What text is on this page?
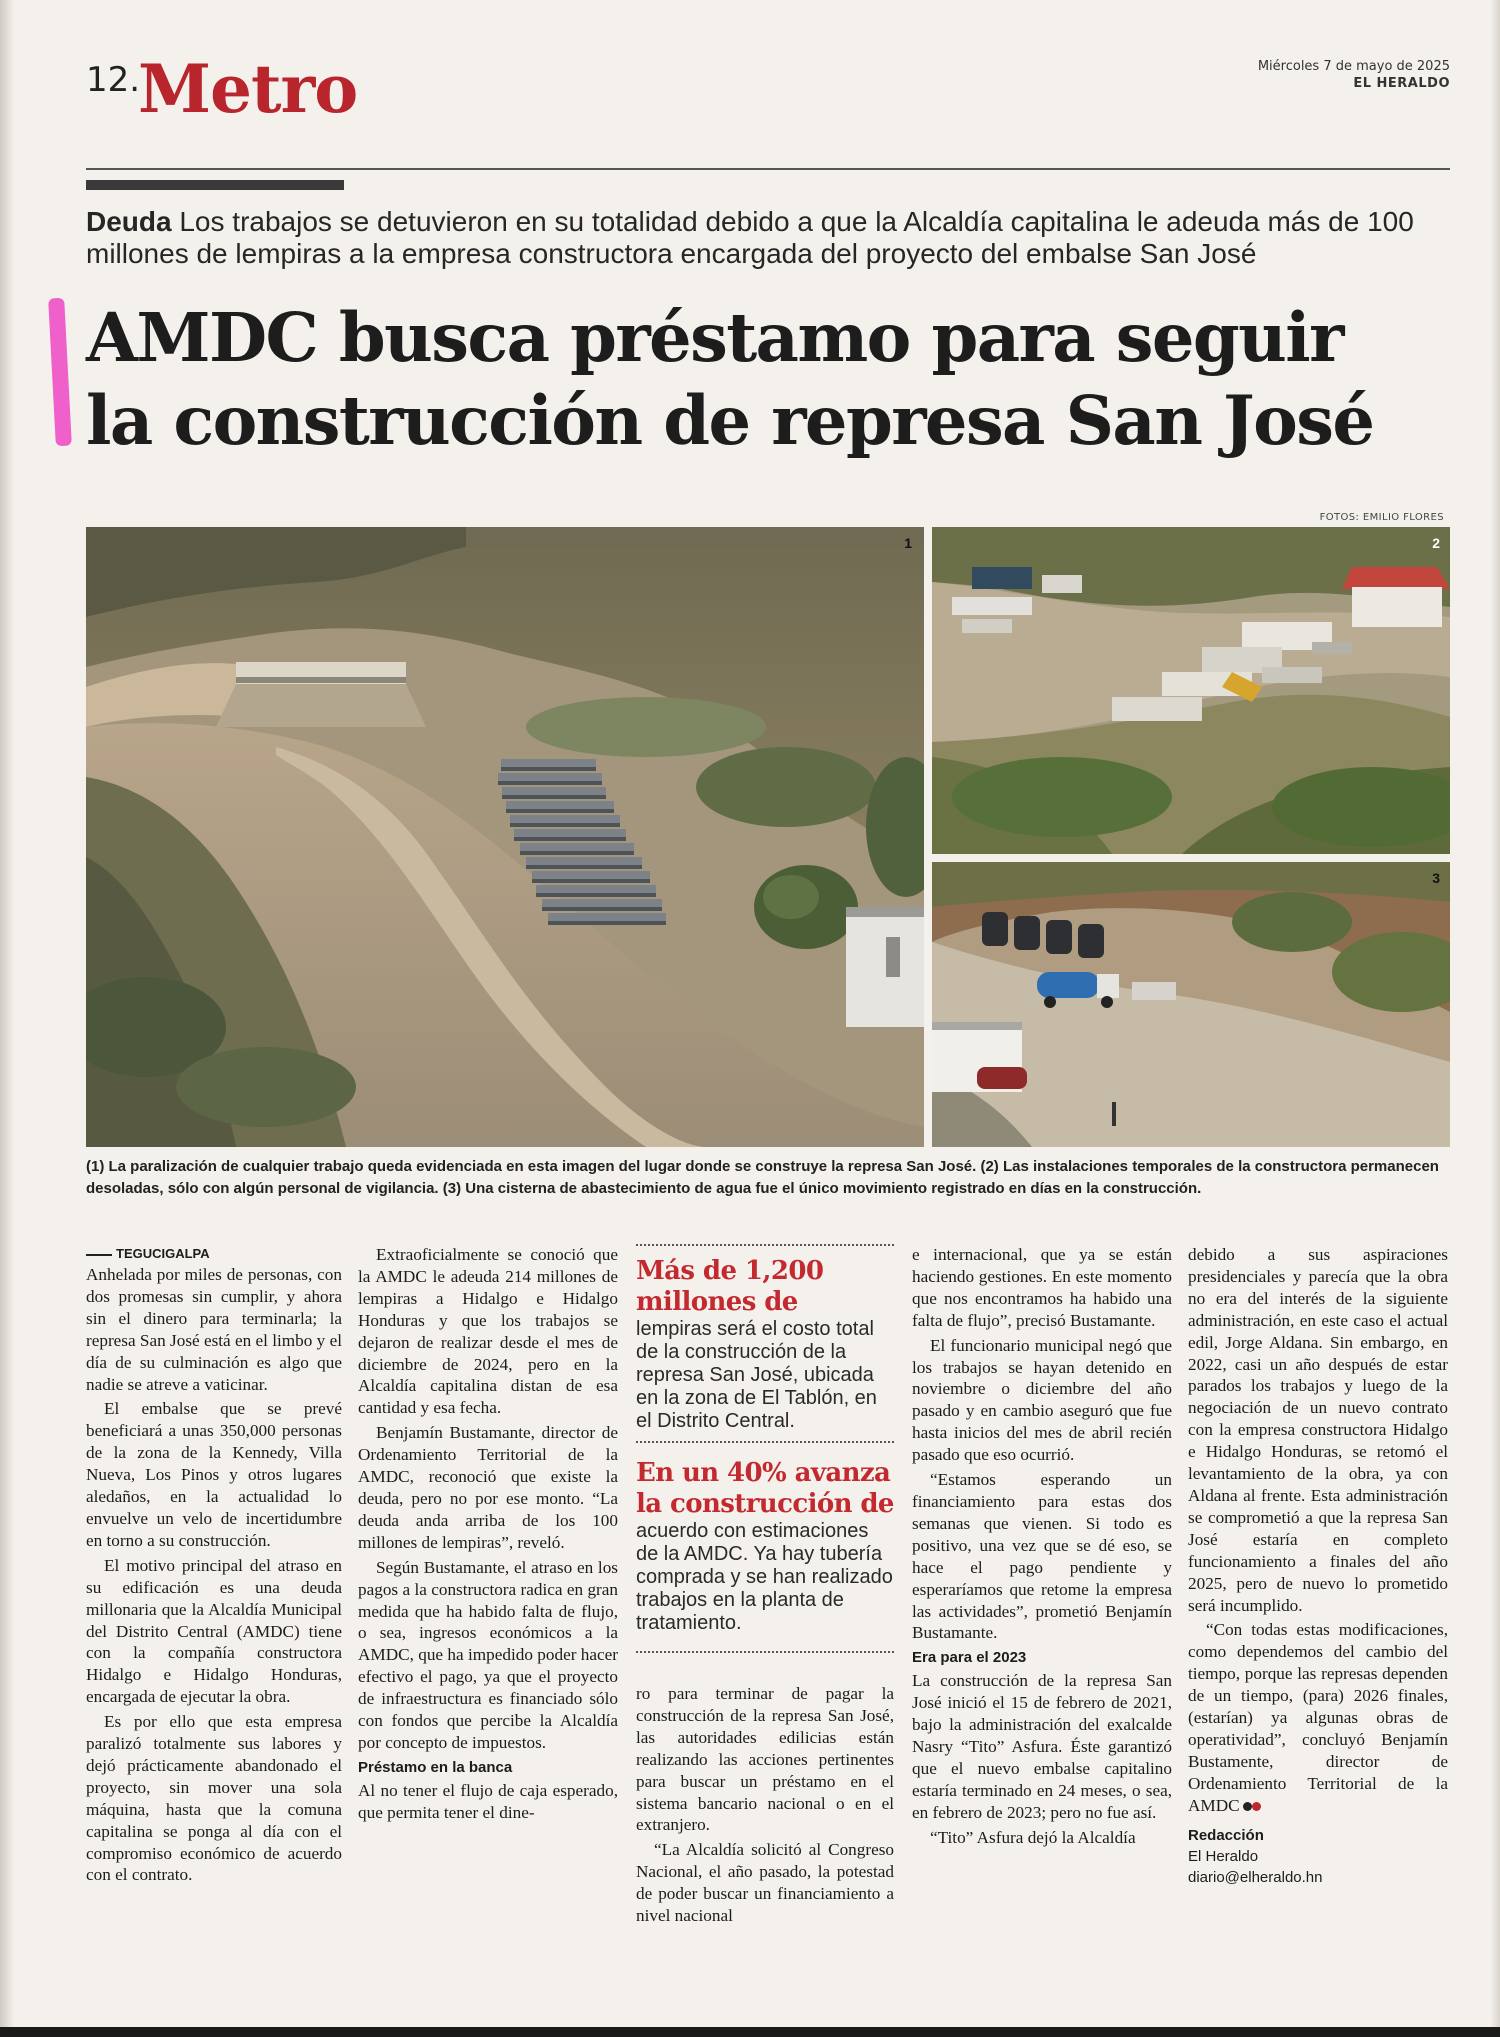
12.
Metro	Miércoles 7 de mayo de 2025
EL HERALDO
Deuda Los trabajos se detuvieron en su totalidad debido a que la Alcaldía capitalina le adeuda más de 100 millones de lempiras a la empresa constructora encargada del proyecto del embalse San José
AMDC busca préstamo para seguir
la construcción de represa San José
FOTOS: EMILIO FLORES
1	2
3
(1) La paralización de cualquier trabajo queda evidenciada en esta imagen del lugar donde se construye la represa San José. (2) Las instalaciones temporales de la constructora permanecen desoladas, sólo con algún personal de vigilancia. (3) Una cisterna de abastecimiento de agua fue el único movimiento registrado en días en la construcción.
TEGUCIGALPA

Anhelada por miles de personas, con dos promesas sin cumplir, y ahora sin el dinero para terminarla; la represa San José está en el limbo y el día de su culminación es algo que nadie se atreve a vaticinar.

El embalse que se prevé beneficiará a unas 350,000 personas de la zona de la Kennedy, Villa Nueva, Los Pinos y otros lugares aledaños, en la actualidad lo envuelve un velo de incertidumbre en torno a su construcción.

El motivo principal del atraso en su edificación es una deuda millonaria que la Alcaldía Municipal del Distrito Central (AMDC) tiene con la compañía constructora Hidalgo e Hidalgo Honduras, encargada de ejecutar la obra.

Es por ello que esta empresa paralizó totalmente sus labores y dejó prácticamente abandonado el proyecto, sin mover una sola máquina, hasta que la comuna capitalina se ponga al día con el compromiso económico de acuerdo con el contrato.

Extraoficialmente se conoció que la AMDC le adeuda 214 millones de lempiras a Hidalgo e Hidalgo Honduras y que los trabajos se dejaron de realizar desde el mes de diciembre de 2024, pero en la Alcaldía capitalina distan de esa cantidad y esa fecha.

Benjamín Bustamante, director de Ordenamiento Territorial de la AMDC, reconoció que existe la deuda, pero no por ese monto. “La deuda anda arriba de los 100 millones de lempiras”, reveló.

Según Bustamante, el atraso en los pagos a la constructora radica en gran medida que ha habido falta de flujo, o sea, ingresos económicos a la AMDC, que ha impedido poder hacer efectivo el pago, ya que el proyecto de infraestructura es financiado sólo con fondos que percibe la Alcaldía por concepto de impuestos.

Préstamo en la banca

Al no tener el flujo de caja esperado, que permita tener el dine-

Más de 1,200 millones de
lempiras será el costo total de la construcción de la represa San José, ubicada en la zona de El Tablón, en el Distrito Central.
En un 40% avanza la construcción de
acuerdo con estimaciones de la AMDC. Ya hay tubería comprada y se han realizado trabajos en la planta de tratamiento.

ro para terminar de pagar la construcción de la represa San José, las autoridades edilicias están realizando las acciones pertinentes para buscar un préstamo en el sistema bancario nacional o en el extranjero.

“La Alcaldía solicitó al Congreso Nacional, el año pasado, la potestad de poder buscar un financiamiento a nivel nacional

e internacional, que ya se están haciendo gestiones. En este momento que nos encontramos ha habido una falta de flujo”, precisó Bustamante.

El funcionario municipal negó que los trabajos se hayan detenido en noviembre o diciembre del año pasado y en cambio aseguró que fue hasta inicios del mes de abril recién pasado que eso ocurrió.

“Estamos esperando un financiamiento para estas dos semanas que vienen. Si todo es positivo, una vez que se dé eso, se hace el pago pendiente y esperaríamos que retome la empresa las actividades”, prometió Benjamín Bustamante.

Era para el 2023

La construcción de la represa San José inició el 15 de febrero de 2021, bajo la administración del exalcalde Nasry “Tito” Asfura. Éste garantizó que el nuevo embalse capitalino estaría terminado en 24 meses, o sea, en febrero de 2023; pero no fue así.

“Tito” Asfura dejó la Alcaldía

debido a sus aspiraciones presidenciales y parecía que la obra no era del interés de la siguiente administración, en este caso el actual edil, Jorge Aldana. Sin embargo, en 2022, casi un año después de estar parados los trabajos y luego de la negociación de un nuevo contrato con la empresa constructora Hidalgo e Hidalgo Honduras, se retomó el levantamiento de la obra, ya con Aldana al frente. Esta administración se comprometió a que la represa San José estaría en completo funcionamiento a finales del año 2025, pero de nuevo lo prometido será incumplido.

“Con todas estas modificaciones, como dependemos del cambio del tiempo, porque las represas dependen de un tiempo, (para) 2026 finales, (estarían) ya algunas obras de operatividad”, concluyó Benjamín Bustamente, director de Ordenamiento Territorial de la AMDC

Redacción
El Heraldo
diario@elheraldo.hn
